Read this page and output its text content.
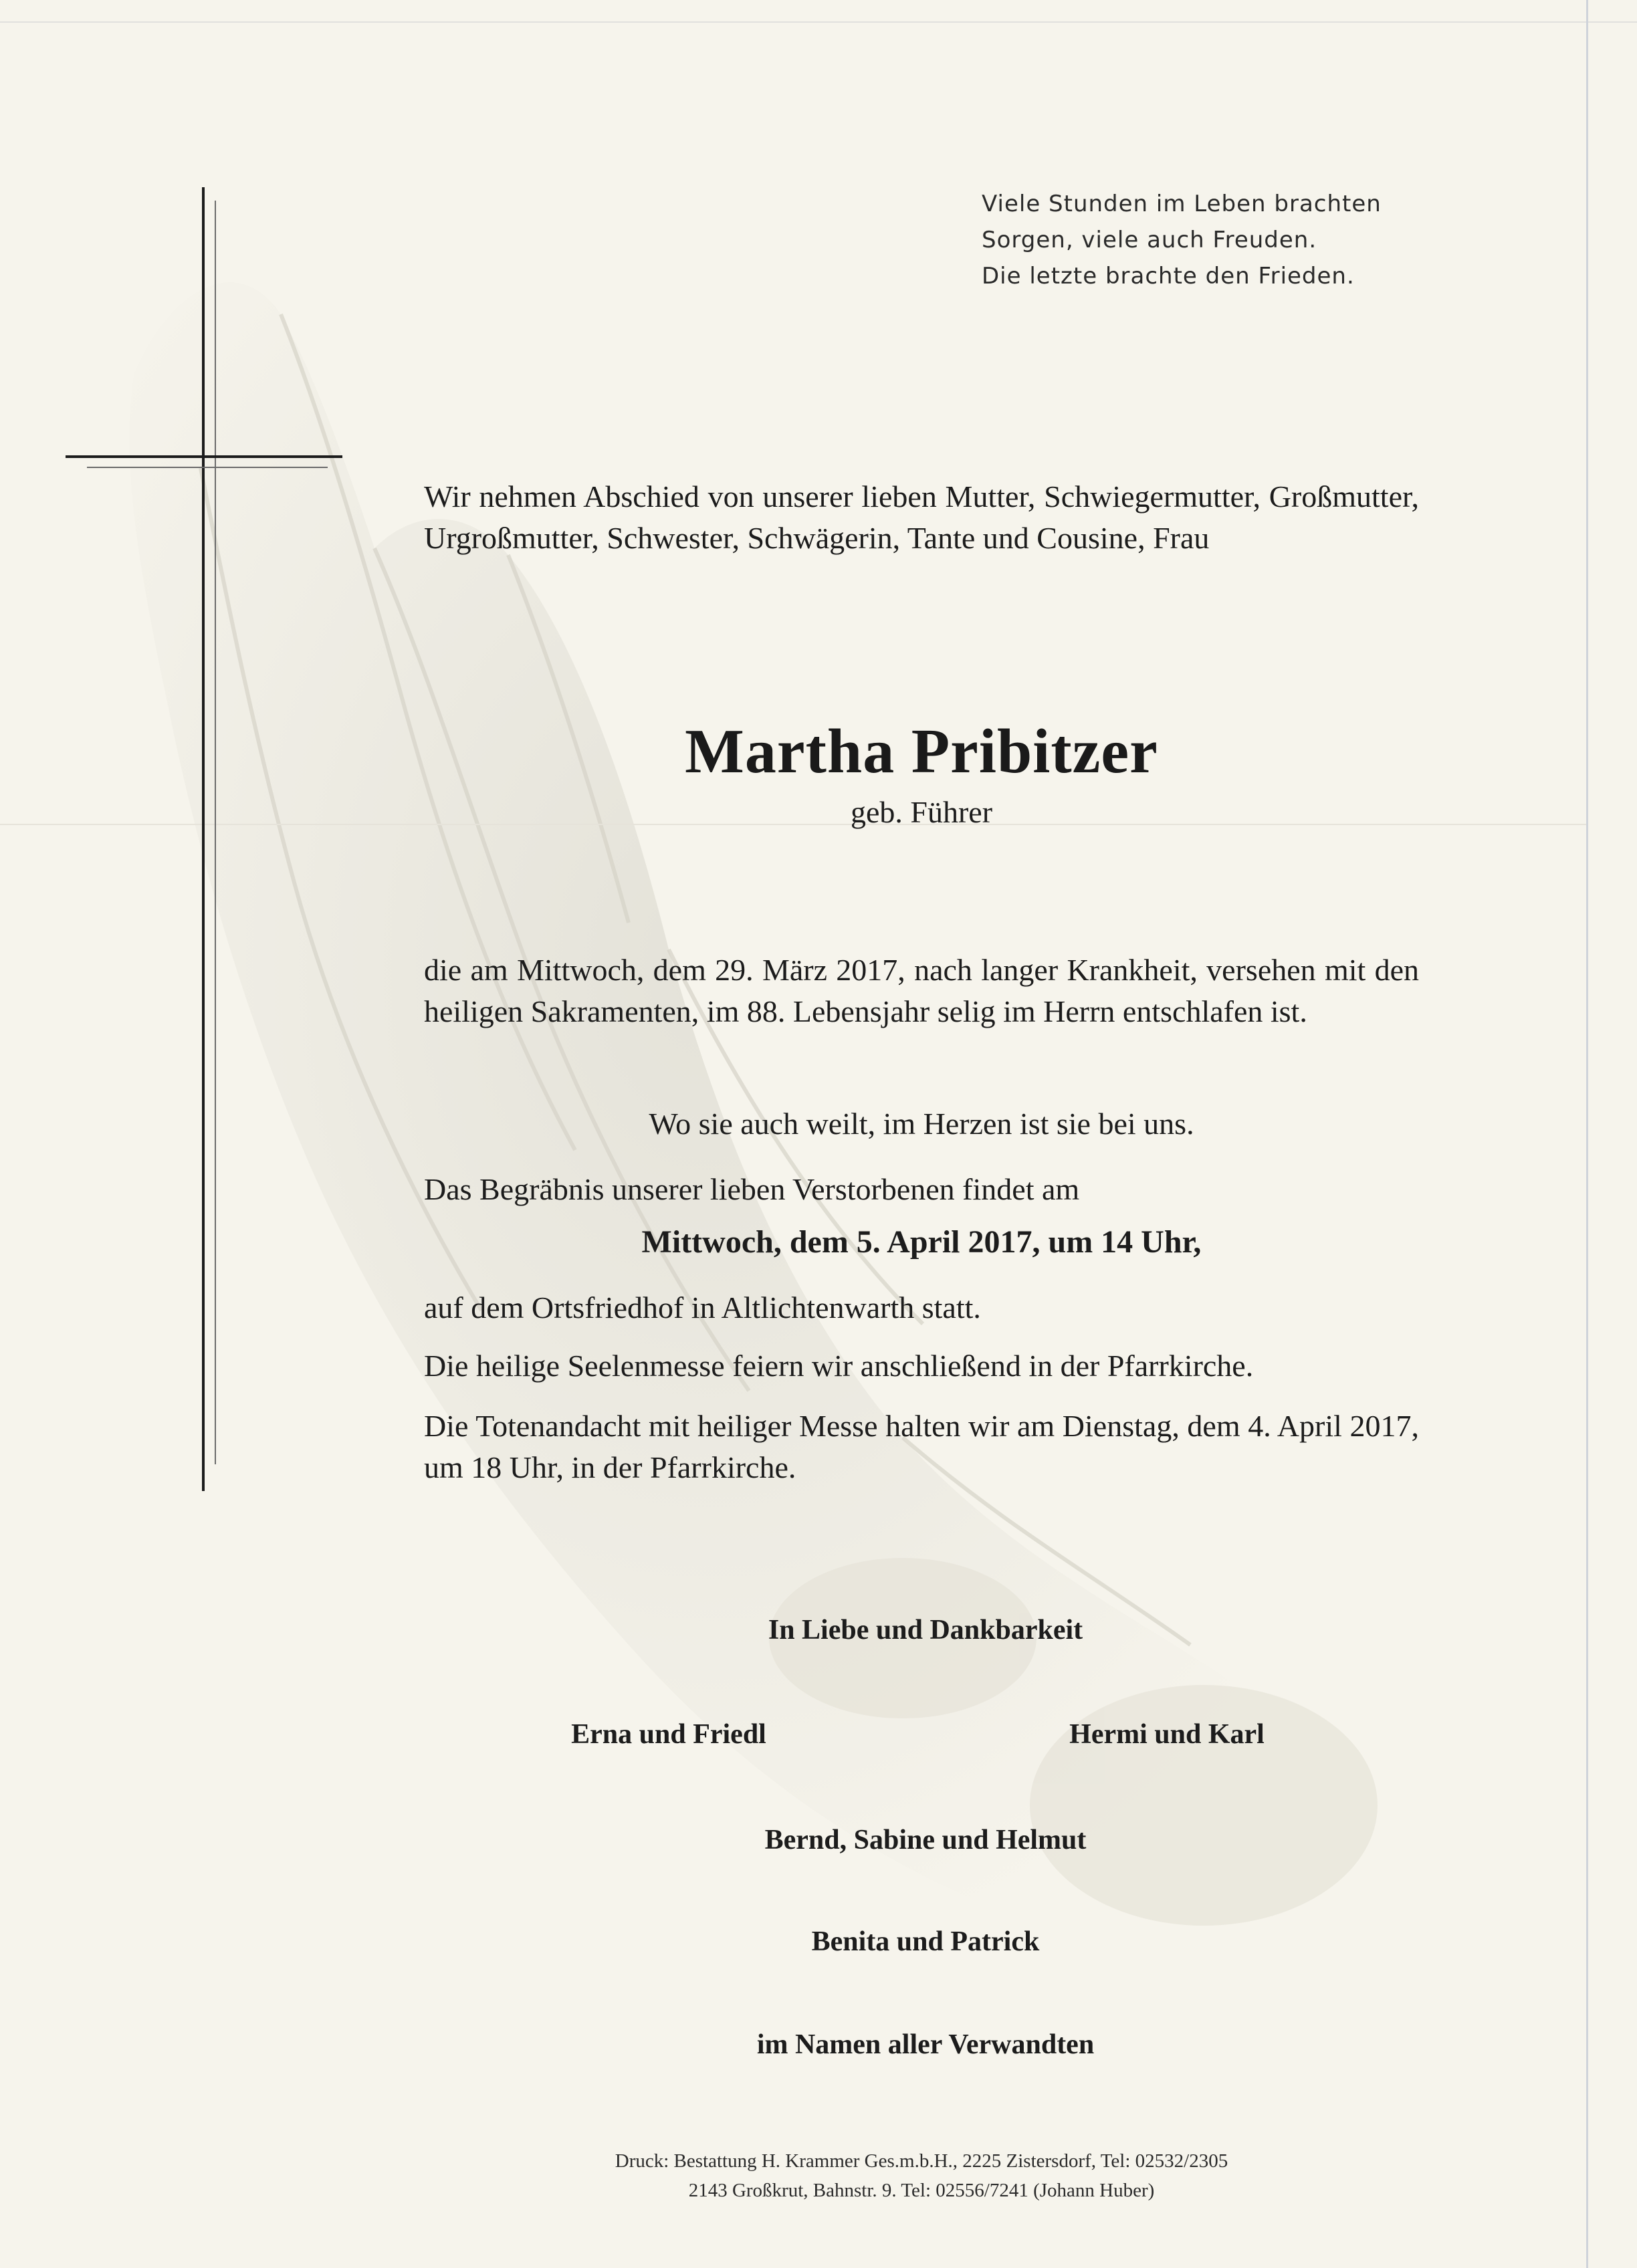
Viele Stunden im Leben brachten
Sorgen, viele auch Freuden.
Die letzte brachte den Frieden.
Wir nehmen Abschied von unserer lieben Mutter, Schwiegermutter, Großmutter, Urgroßmutter, Schwester, Schwägerin, Tante und Cousine, Frau
Martha Pribitzer
geb. Führer
die am Mittwoch, dem 29. März 2017, nach langer Krankheit, versehen mit den heiligen Sakramenten, im 88. Lebensjahr selig im Herrn entschlafen ist.
Wo sie auch weilt, im Herzen ist sie bei uns.
Das Begräbnis unserer lieben Verstorbenen findet am
Mittwoch, dem 5. April 2017, um 14 Uhr,
auf dem Ortsfriedhof in Altlichtenwarth statt.
Die heilige Seelenmesse feiern wir anschließend in der Pfarrkirche.
Die Totenandacht mit heiliger Messe halten wir am Dienstag, dem 4. April 2017, um 18 Uhr, in der Pfarrkirche.
In Liebe und Dankbarkeit
Erna und Friedl	Hermi und Karl
Bernd, Sabine und Helmut
Benita und Patrick
im Namen aller Verwandten
Druck: Bestattung H. Krammer Ges.m.b.H., 2225 Zistersdorf, Tel: 02532/2305
2143 Großkrut, Bahnstr. 9. Tel: 02556/7241 (Johann Huber)
